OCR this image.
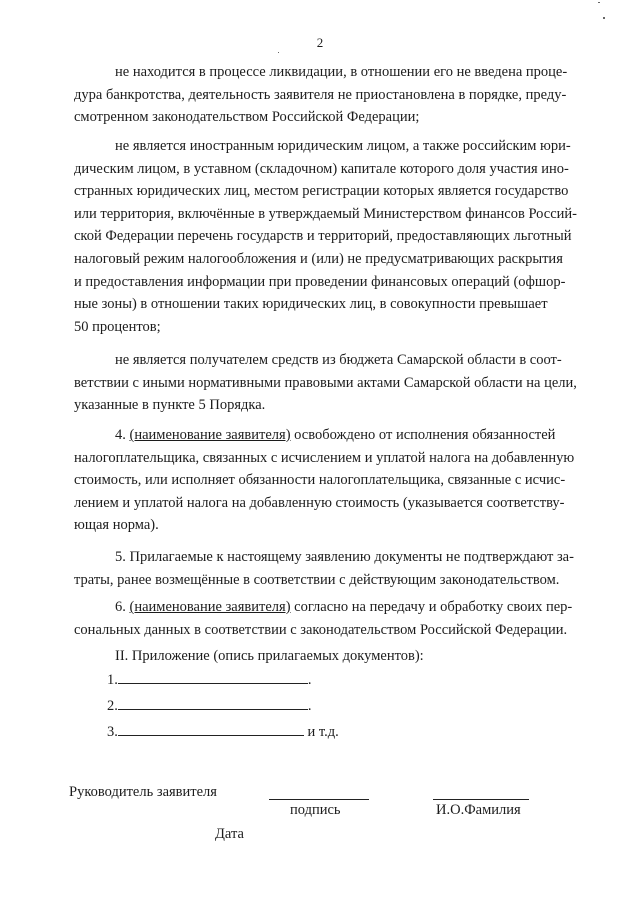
2
не находится в процессе ликвидации, в отношении его не введена проце-
дура банкротства, деятельность заявителя не приостановлена в порядке, преду-
смотренном законодательством Российской Федерации;
не является иностранным юридическим лицом, а также российским юри-
дическим лицом, в уставном (складочном) капитале которого доля участия ино-
странных юридических лиц, местом регистрации которых является государство
или территория, включённые в утверждаемый Министерством финансов Россий-
ской Федерации перечень государств и территорий, предоставляющих льготный
налоговый режим налогообложения и (или) не предусматривающих раскрытия
и предоставления информации при проведении финансовых операций (офшор-
ные зоны) в отношении таких юридических лиц, в совокупности превышает
50 процентов;
не является получателем средств из бюджета Самарской области в соот-
ветствии с иными нормативными правовыми актами Самарской области на цели,
указанные в пункте 5 Порядка.
4. (наименование заявителя) освобождено от исполнения обязанностей
налогоплательщика, связанных с исчислением и уплатой налога на добавленную
стоимость, или исполняет обязанности налогоплательщика, связанные с исчис-
лением и уплатой налога на добавленную стоимость (указывается соответству-
ющая норма).
5. Прилагаемые к настоящему заявлению документы не подтверждают за-
траты, ранее возмещённые в соответствии с действующим законодательством.
6. (наименование заявителя) согласно на передачу и обработку своих пер-
сональных данных в соответствии с законодательством Российской Федерации.
II. Приложение (опись прилагаемых документов):
1.	.
2.	.
3.	и т.д.
Руководитель заявителя
подпись	И.О.Фамилия
Дата
